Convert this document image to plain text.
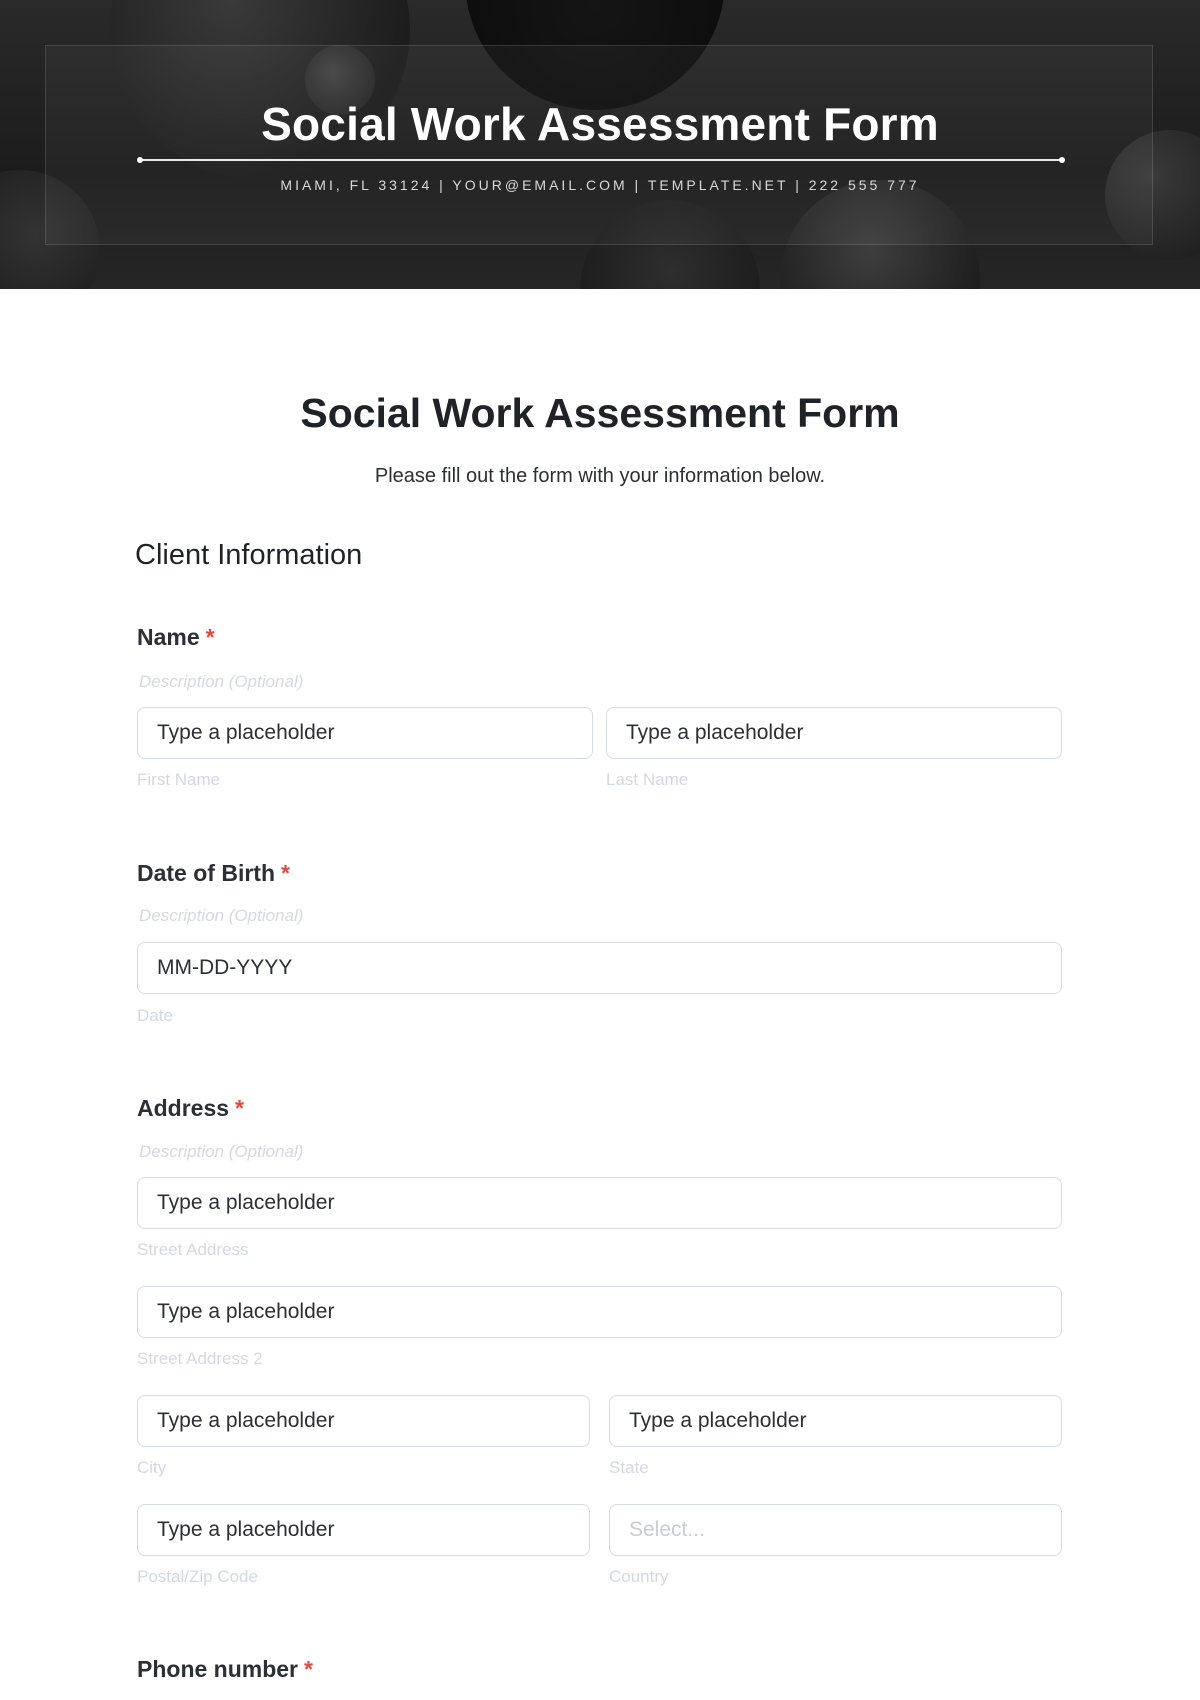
Social Work Assessment Form
MIAMI, FL 33124 | YOUR@EMAIL.COM | TEMPLATE.NET | 222 555 777
Social Work Assessment Form
Please fill out the form with your information below.
Client Information
Name *
Description (Optional)
Type a placeholder
First Name
Type a placeholder
Last Name
Date of Birth *
Description (Optional)
MM-DD-YYYY
Date
Address *
Description (Optional)
Type a placeholder
Street Address
Type a placeholder
Street Address 2
Type a placeholder
City
Type a placeholder
State
Type a placeholder
Postal/Zip Code
Select...
Country
Phone number *
